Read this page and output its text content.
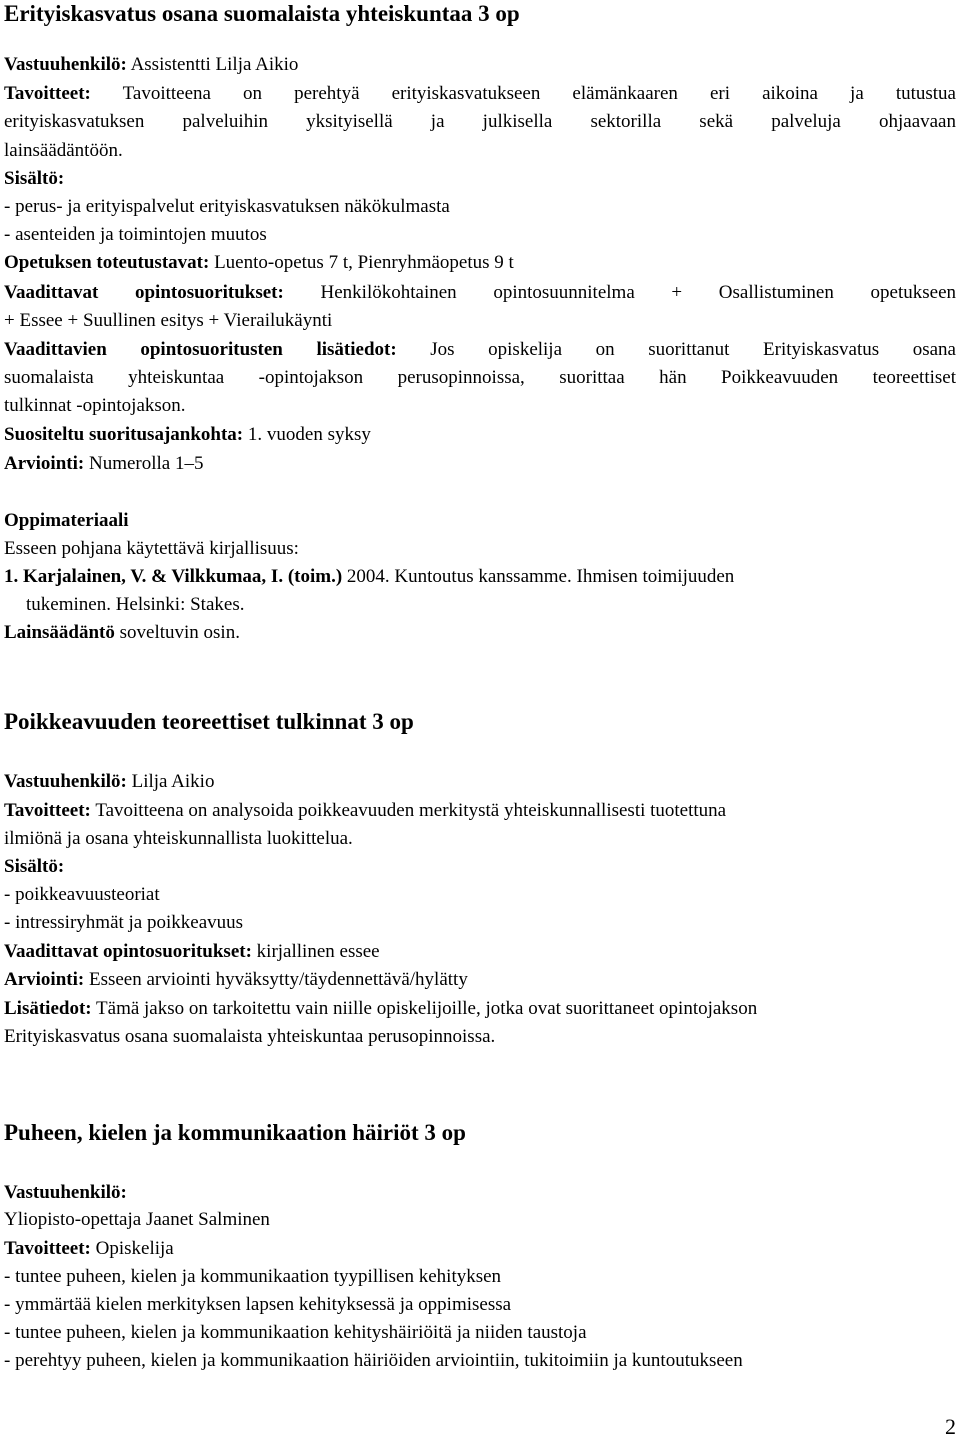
Erityiskasvatus osana suomalaista yhteiskuntaa 3 op
Vastuuhenkilö: Assistentti Lilja Aikio
Tavoitteet: Tavoitteena on perehtyä erityiskasvatukseen elämänkaaren eri aikoina ja tutustua
erityiskasvatuksen palveluihin yksityisellä ja julkisella sektorilla sekä palveluja ohjaavaan
lainsäädäntöön.
Sisältö:
- perus- ja erityispalvelut erityiskasvatuksen näkökulmasta
- asenteiden ja toimintojen muutos
Opetuksen toteutustavat: Luento-opetus 7 t, Pienryhmäopetus 9 t
Vaadittavat opintosuoritukset: Henkilökohtainen opintosuunnitelma + Osallistuminen opetukseen
+ Essee + Suullinen esitys + Vierailukäynti
Vaadittavien opintosuoritusten lisätiedot: Jos opiskelija on suorittanut Erityiskasvatus osana
suomalaista yhteiskuntaa -opintojakson perusopinnoissa, suorittaa hän Poikkeavuuden teoreettiset
tulkinnat -opintojakson.
Suositeltu suoritusajankohta: 1. vuoden syksy
Arviointi: Numerolla 1–5
Oppimateriaali
Esseen pohjana käytettävä kirjallisuus:
1. Karjalainen, V. & Vilkkumaa, I. (toim.) 2004. Kuntoutus kanssamme. Ihmisen toimijuuden
tukeminen. Helsinki: Stakes.
Lainsäädäntö soveltuvin osin.
Poikkeavuuden teoreettiset tulkinnat 3 op
Vastuuhenkilö: Lilja Aikio
Tavoitteet: Tavoitteena on analysoida poikkeavuuden merkitystä yhteiskunnallisesti tuotettuna
ilmiönä ja osana yhteiskunnallista luokittelua.
Sisältö:
- poikkeavuusteoriat
- intressiryhmät ja poikkeavuus
Vaadittavat opintosuoritukset: kirjallinen essee
Arviointi: Esseen arviointi hyväksytty/täydennettävä/hylätty
Lisätiedot: Tämä jakso on tarkoitettu vain niille opiskelijoille, jotka ovat suorittaneet opintojakson
Erityiskasvatus osana suomalaista yhteiskuntaa perusopinnoissa.
Puheen, kielen ja kommunikaation häiriöt 3 op
Vastuuhenkilö:
Yliopisto-opettaja Jaanet Salminen
Tavoitteet: Opiskelija
- tuntee puheen, kielen ja kommunikaation tyypillisen kehityksen
- ymmärtää kielen merkityksen lapsen kehityksessä ja oppimisessa
- tuntee puheen, kielen ja kommunikaation kehityshäiriöitä ja niiden taustoja
- perehtyy puheen, kielen ja kommunikaation häiriöiden arviointiin, tukitoimiin ja kuntoutukseen
2
